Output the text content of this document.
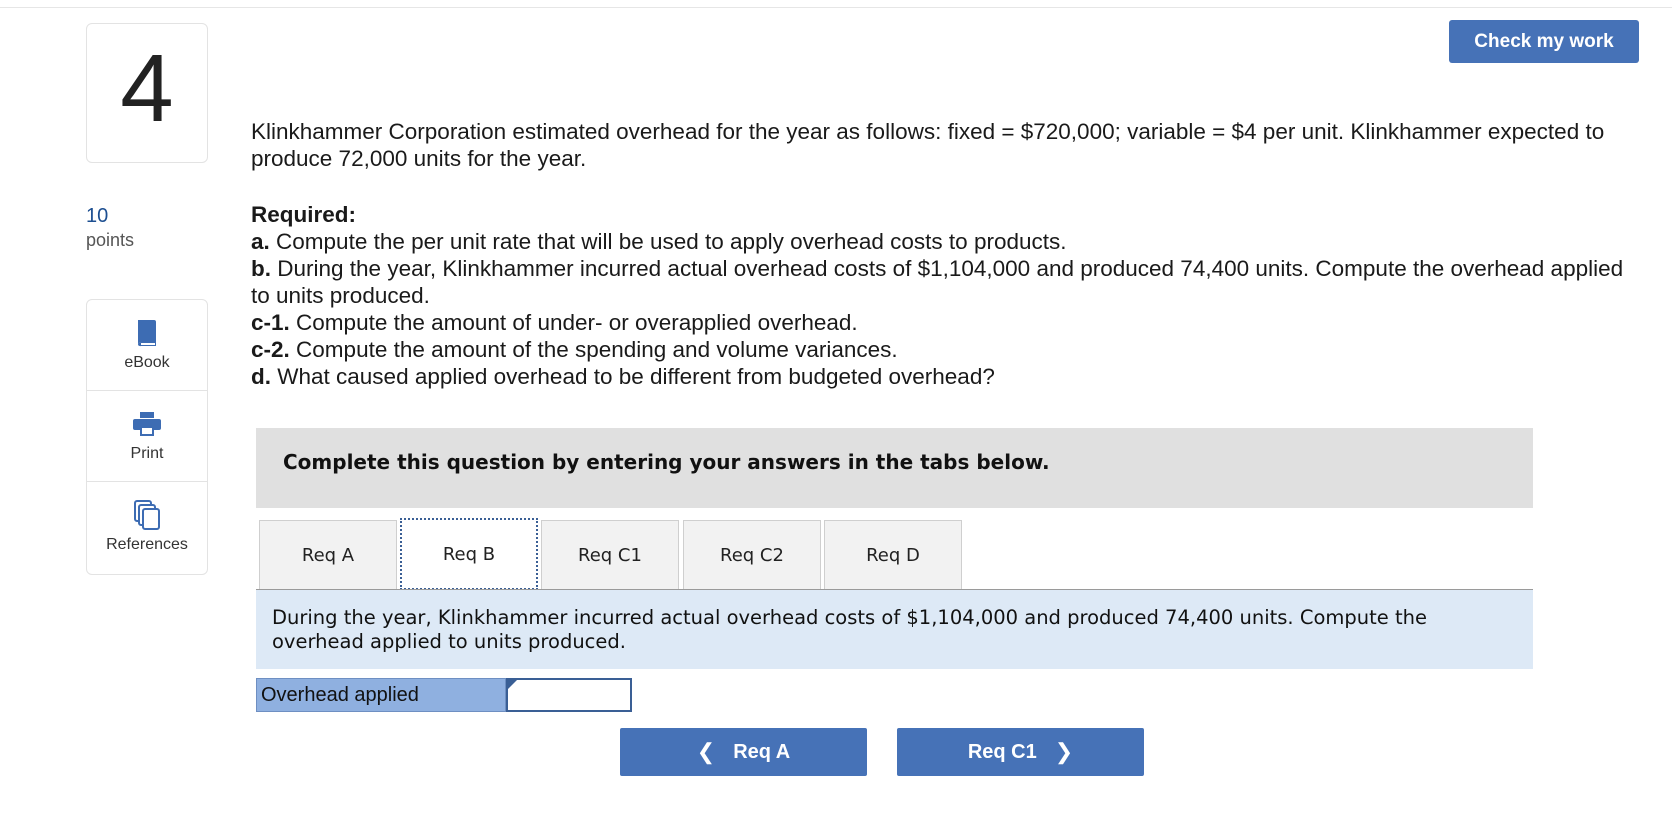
4
10
points
eBook
Print
References
Check my work
Klinkhammer Corporation estimated overhead for the year as follows: fixed = $720,000; variable = $4 per unit. Klinkhammer expected to produce 72,000 units for the year.
Required:
a. Compute the per unit rate that will be used to apply overhead costs to products.
b. During the year, Klinkhammer incurred actual overhead costs of $1,104,000 and produced 74,400 units. Compute the overhead applied to units produced.
c-1. Compute the amount of under- or overapplied overhead.
c-2. Compute the amount of the spending and volume variances.
d. What caused applied overhead to be different from budgeted overhead?
Complete this question by entering your answers in the tabs below.
Req A	Req B	Req C1	Req C2	Req D
During the year, Klinkhammer incurred actual overhead costs of $1,104,000 and produced 74,400 units. Compute the overhead applied to units produced.
Overhead applied
❮ Req A	Req C1 ❯
